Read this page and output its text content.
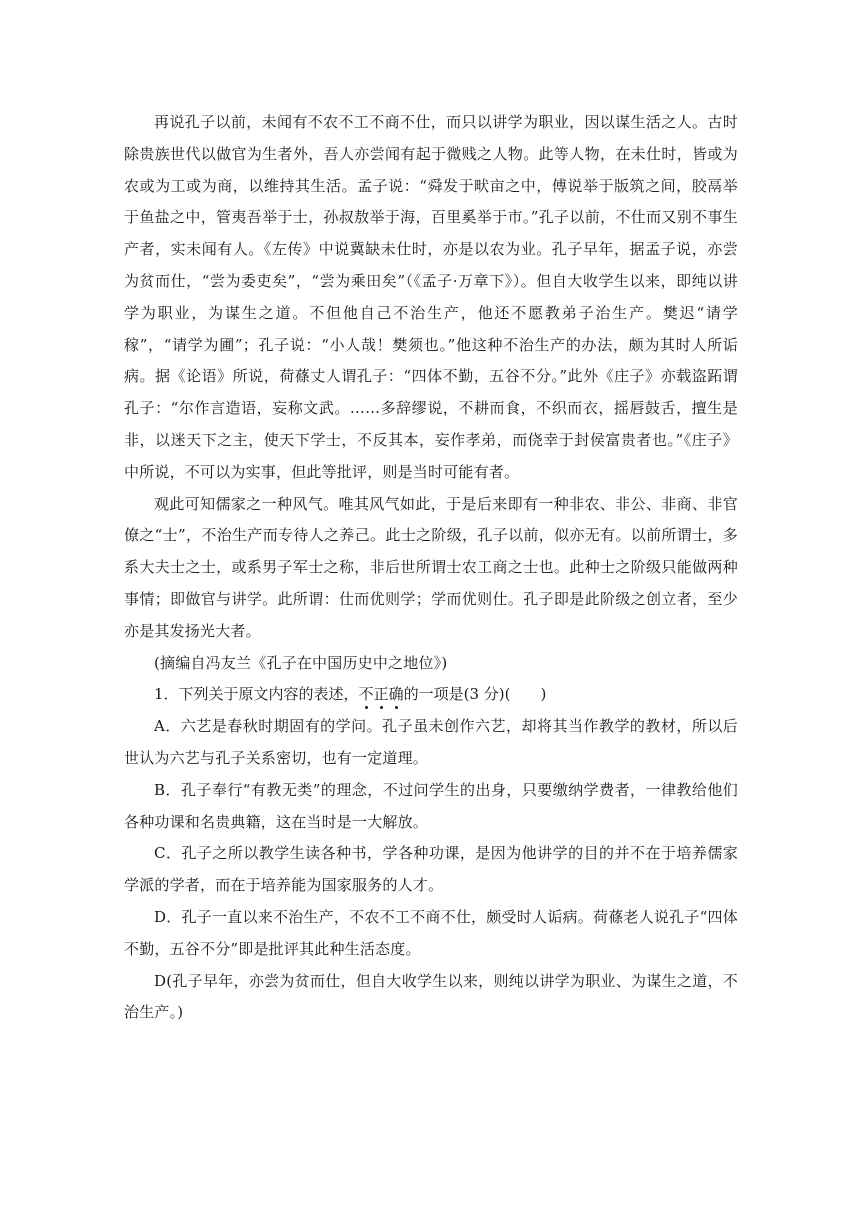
再说孔子以前，未闻有不农不工不商不仕，而只以讲学为职业，因以谋生活之人。古时除贵族世代以做官为生者外，吾人亦尝闻有起于微贱之人物。此等人物，在未仕时，皆或为农或为工或为商，以维持其生活。孟子说：“舜发于畎亩之中，傅说举于版筑之间，胶鬲举于鱼盐之中，管夷吾举于士，孙叔敖举于海，百里奚举于市。”孔子以前，不仕而又别不事生产者，实未闻有人。《左传》中说冀缺未仕时，亦是以农为业。孔子早年，据孟子说，亦尝为贫而仕，“尝为委吏矣”，“尝为乘田矣”（《孟子·万章下》）。但自大收学生以来，即纯以讲学为职业，为谋生之道。不但他自己不治生产，他还不愿教弟子治生产。樊迟“请学稼”，“请学为圃”；孔子说：“小人哉！樊须也。”他这种不治生产的办法，颇为其时人所诟病。据《论语》所说，荷蓧丈人谓孔子：“四体不勤，五谷不分。”此外《庄子》亦载盗跖谓孔子：“尔作言造语，妄称文武。……多辞缪说，不耕而食，不织而衣，摇唇鼓舌，擅生是非，以迷天下之主，使天下学士，不反其本，妄作孝弟，而侥幸于封侯富贵者也。”《庄子》中所说，不可以为实事，但此等批评，则是当时可能有者。

观此可知儒家之一种风气。唯其风气如此，于是后来即有一种非农、非公、非商、非官僚之“士”，不治生产而专待人之养己。此士之阶级，孔子以前，似亦无有。以前所谓士，多系大夫士之士，或系男子军士之称，非后世所谓士农工商之士也。此种士之阶级只能做两种事情；即做官与讲学。此所谓：仕而优则学；学而优则仕。孔子即是此阶级之创立者，至少亦是其发扬光大者。

(摘编自冯友兰《孔子在中国历史中之地位》)

1．下列关于原文内容的表述，不正确的一项是(3 分)(　　)

A．六艺是春秋时期固有的学问。孔子虽未创作六艺，却将其当作教学的教材，所以后世认为六艺与孔子关系密切，也有一定道理。

B．孔子奉行“有教无类”的理念，不过问学生的出身，只要缴纳学费者，一律教给他们各种功课和名贵典籍，这在当时是一大解放。

C．孔子之所以教学生读各种书，学各种功课，是因为他讲学的目的并不在于培养儒家学派的学者，而在于培养能为国家服务的人才。

D．孔子一直以来不治生产，不农不工不商不仕，颇受时人诟病。荷蓧老人说孔子“四体不勤，五谷不分”即是批评其此种生活态度。

D(孔子早年，亦尝为贫而仕，但自大收学生以来，则纯以讲学为职业、为谋生之道，不治生产。)
